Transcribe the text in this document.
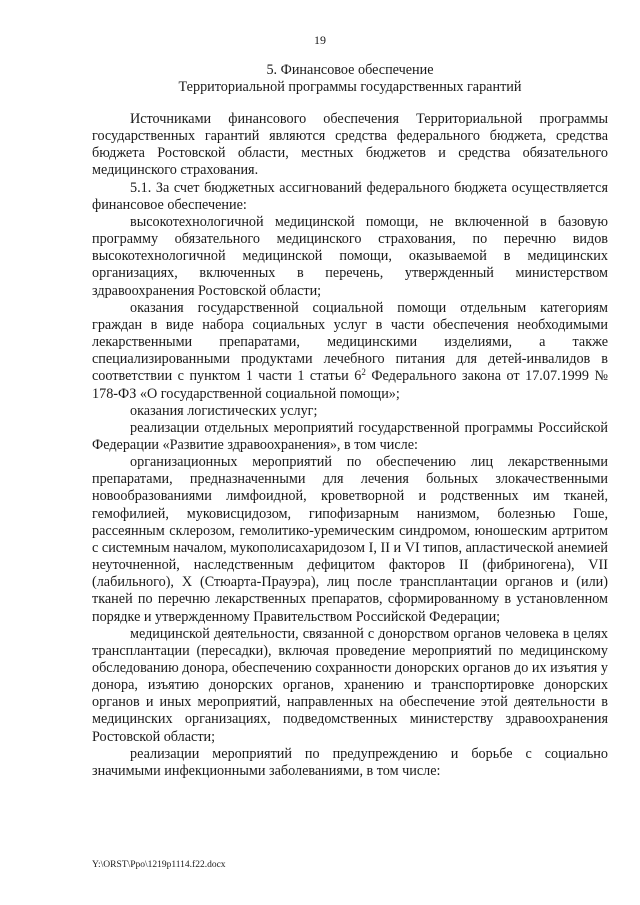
19
5. Финансовое обеспечение
Территориальной программы государственных гарантий

Источниками финансового обеспечения Территориальной программы государственных гарантий являются средства федерального бюджета, средства бюджета Ростовской области, местных бюджетов и средства обязательного медицинского страхования.

5.1. За счет бюджетных ассигнований федерального бюджета осуществляется финансовое обеспечение:

высокотехнологичной медицинской помощи, не включенной в базовую программу обязательного медицинского страхования, по перечню видов высокотехнологичной медицинской помощи, оказываемой в медицинских организациях, включенных в перечень, утвержденный министерством здравоохранения Ростовской области;

оказания государственной социальной помощи отдельным категориям граждан в виде набора социальных услуг в части обеспечения необходимыми лекарственными препаратами, медицинскими изделиями, а также специализированными продуктами лечебного питания для детей-инвалидов в соответствии с пунктом 1 части 1 статьи $6^2$ Федерального закона от 17.07.1999 № 178-ФЗ «О государственной социальной помощи»;

оказания логистических услуг;

реализации отдельных мероприятий государственной программы Российской Федерации «Развитие здравоохранения», в том числе:

организационных мероприятий по обеспечению лиц лекарственными препаратами, предназначенными для лечения больных злокачественными новообразованиями лимфоидной, кроветворной и родственных им тканей, гемофилией, муковисцидозом, гипофизарным нанизмом, болезнью Гоше, рассеянным склерозом, гемолитико-уремическим синдромом, юношеским артритом с системным началом, мукополисахаридозом I, II и VI типов, апластической анемией неуточненной, наследственным дефицитом факторов II (фибриногена), VII (лабильного), X (Стюарта-Прауэра), лиц после трансплантации органов и (или) тканей по перечню лекарственных препаратов, сформированному в установленном порядке и утвержденному Правительством Российской Федерации;

медицинской деятельности, связанной с донорством органов человека в целях трансплантации (пересадки), включая проведение мероприятий по медицинскому обследованию донора, обеспечению сохранности донорских органов до их изъятия у донора, изъятию донорских органов, хранению и транспортировке донорских органов и иных мероприятий, направленных на обеспечение этой деятельности в медицинских организациях, подведомственных министерству здравоохранения Ростовской области;

реализации мероприятий по предупреждению и борьбе с социально значимыми инфекционными заболеваниями, в том числе:

Y:\ORST\Ppo\1219p1114.f22.docx
